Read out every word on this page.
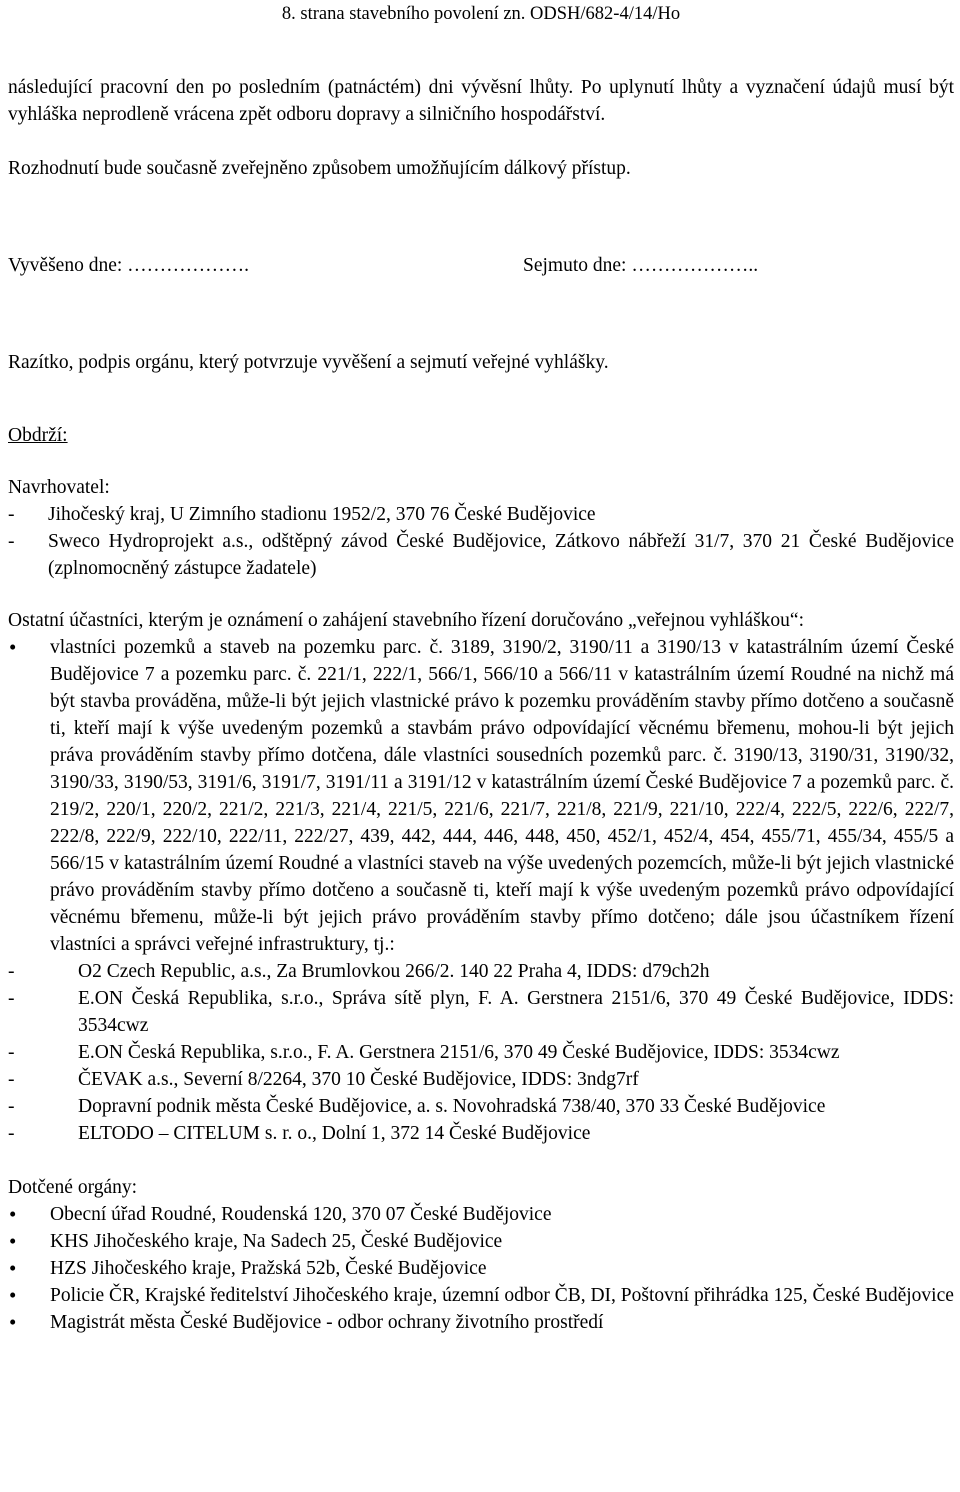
8. strana stavebního povolení zn. ODSH/682-4/14/Ho

následující pracovní den po posledním (patnáctém) dni vývěsní lhůty. Po uplynutí lhůty a vyznačení údajů musí být vyhláška neprodleně vrácena zpět odboru dopravy a silničního hospodářství.

Rozhodnutí bude současně zveřejněno způsobem umožňujícím dálkový přístup.

Vyvěšeno dne: ……………….	Sejmuto dne: ………………..

Razítko, podpis orgánu, který potvrzuje vyvěšení a sejmutí veřejné vyhlášky.

Obdrží:

Navrhovatel:

- Jihočeský kraj, U Zimního stadionu 1952/2, 370 76 České Budějovice
- Sweco Hydroprojekt a.s., odštěpný závod České Budějovice, Zátkovo nábřeží 31/7, 370 21 České Budějovice (zplnomocněný zástupce žadatele)

Ostatní účastníci, kterým je oznámení o zahájení stavebního řízení doručováno „veřejnou vyhláškou“:

• vlastníci pozemků a staveb na pozemku parc. č. 3189, 3190/2, 3190/11 a 3190/13 v katastrálním území České Budějovice 7 a pozemku parc. č. 221/1, 222/1, 566/1, 566/10 a 566/11 v katastrálním území Roudné na nichž má být stavba prováděna, může-li být jejich vlastnické právo k pozemku prováděním stavby přímo dotčeno a současně ti, kteří mají k výše uvedeným pozemků a stavbám právo odpovídající věcnému břemenu, mohou-li být jejich práva prováděním stavby přímo dotčena, dále vlastníci sousedních pozemků parc. č. 3190/13, 3190/31, 3190/32, 3190/33, 3190/53, 3191/6, 3191/7, 3191/11 a 3191/12 v katastrálním území České Budějovice 7 a pozemků parc. č. 219/2, 220/1, 220/2, 221/2, 221/3, 221/4, 221/5, 221/6, 221/7, 221/8, 221/9, 221/10, 222/4, 222/5, 222/6, 222/7, 222/8, 222/9, 222/10, 222/11, 222/27, 439, 442, 444, 446, 448, 450, 452/1, 452/4, 454, 455/71, 455/34, 455/5 a 566/15 v katastrálním území Roudné a vlastníci staveb na výše uvedených pozemcích, může-li být jejich vlastnické právo prováděním stavby přímo dotčeno a současně ti, kteří mají k výše uvedeným pozemků právo odpovídající věcnému břemenu, může-li být jejich právo prováděním stavby přímo dotčeno; dále jsou účastníkem řízení vlastníci a správci veřejné infrastruktury, tj.:
- O2 Czech Republic, a.s., Za Brumlovkou 266/2. 140 22 Praha 4, IDDS: d79ch2h
- E.ON Česká Republika, s.r.o., Správa sítě plyn, F. A. Gerstnera 2151/6, 370 49 České Budějovice, IDDS: 3534cwz
- E.ON Česká Republika, s.r.o., F. A. Gerstnera 2151/6, 370 49 České Budějovice, IDDS: 3534cwz
- ČEVAK a.s., Severní 8/2264, 370 10 České Budějovice, IDDS: 3ndg7rf
- Dopravní podnik města České Budějovice, a. s. Novohradská 738/40, 370 33 České Budějovice
- ELTODO – CITELUM s. r. o., Dolní 1, 372 14 České Budějovice

Dotčené orgány:

• Obecní úřad Roudné, Roudenská 120, 370 07 České Budějovice
• KHS Jihočeského kraje, Na Sadech 25, České Budějovice
• HZS Jihočeského kraje, Pražská 52b, České Budějovice
• Policie ČR, Krajské ředitelství Jihočeského kraje, územní odbor ČB, DI, Poštovní přihrádka 125, České Budějovice
• Magistrát města České Budějovice - odbor ochrany životního prostředí
